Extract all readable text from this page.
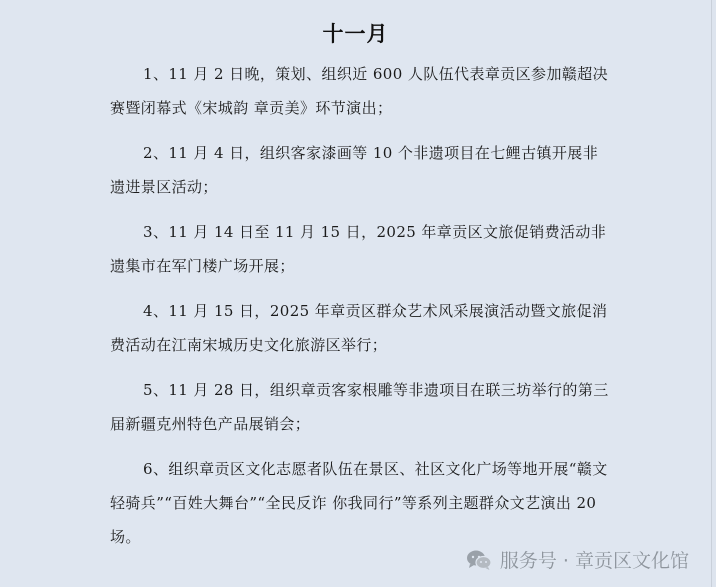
十一月

1、11 月 2 日晚，策划、组织近 600 人队伍代表章贡区参加赣超决赛暨闭幕式《宋城韵 章贡美》环节演出；

2、11 月 4 日，组织客家漆画等 10 个非遗项目在七鲤古镇开展非遗进景区活动；

3、11 月 14 日至 11 月 15 日，2025 年章贡区文旅促销费活动非遗集市在军门楼广场开展；

4、11 月 15 日，2025 年章贡区群众艺术风采展演活动暨文旅促消费活动在江南宋城历史文化旅游区举行；

5、11 月 28 日，组织章贡客家根雕等非遗项目在联三坊举行的第三届新疆克州特色产品展销会；

6、组织章贡区文化志愿者队伍在景区、社区文化广场等地开展“赣文轻骑兵”“百姓大舞台”“全民反诈 你我同行”等系列主题群众文艺演出 20 场。

服务号 · 章贡区文化馆
